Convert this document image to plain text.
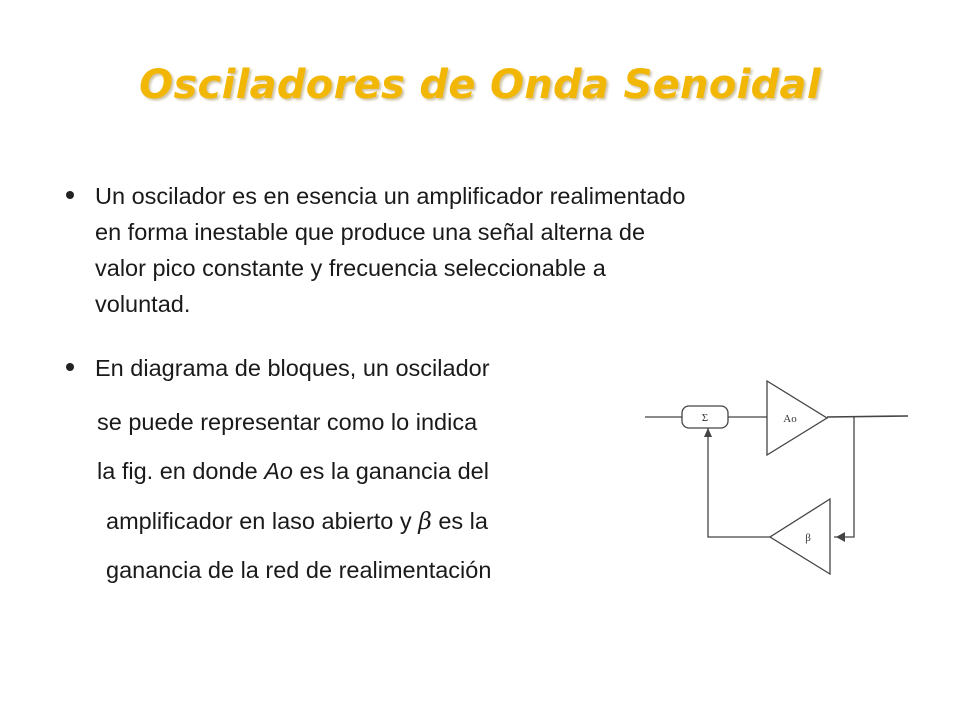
Osciladores de Onda Senoidal
Un oscilador es en esencia un amplificador realimentado
en forma inestable que produce una señal alterna de
valor pico constante y frecuencia seleccionable a
voluntad.
En diagrama de bloques, un oscilador
se puede representar como lo indica
la fig. en donde Ao es la ganancia del
amplificador en laso abierto y β es la
ganancia de la red de realimentación
Σ	Ao
β
